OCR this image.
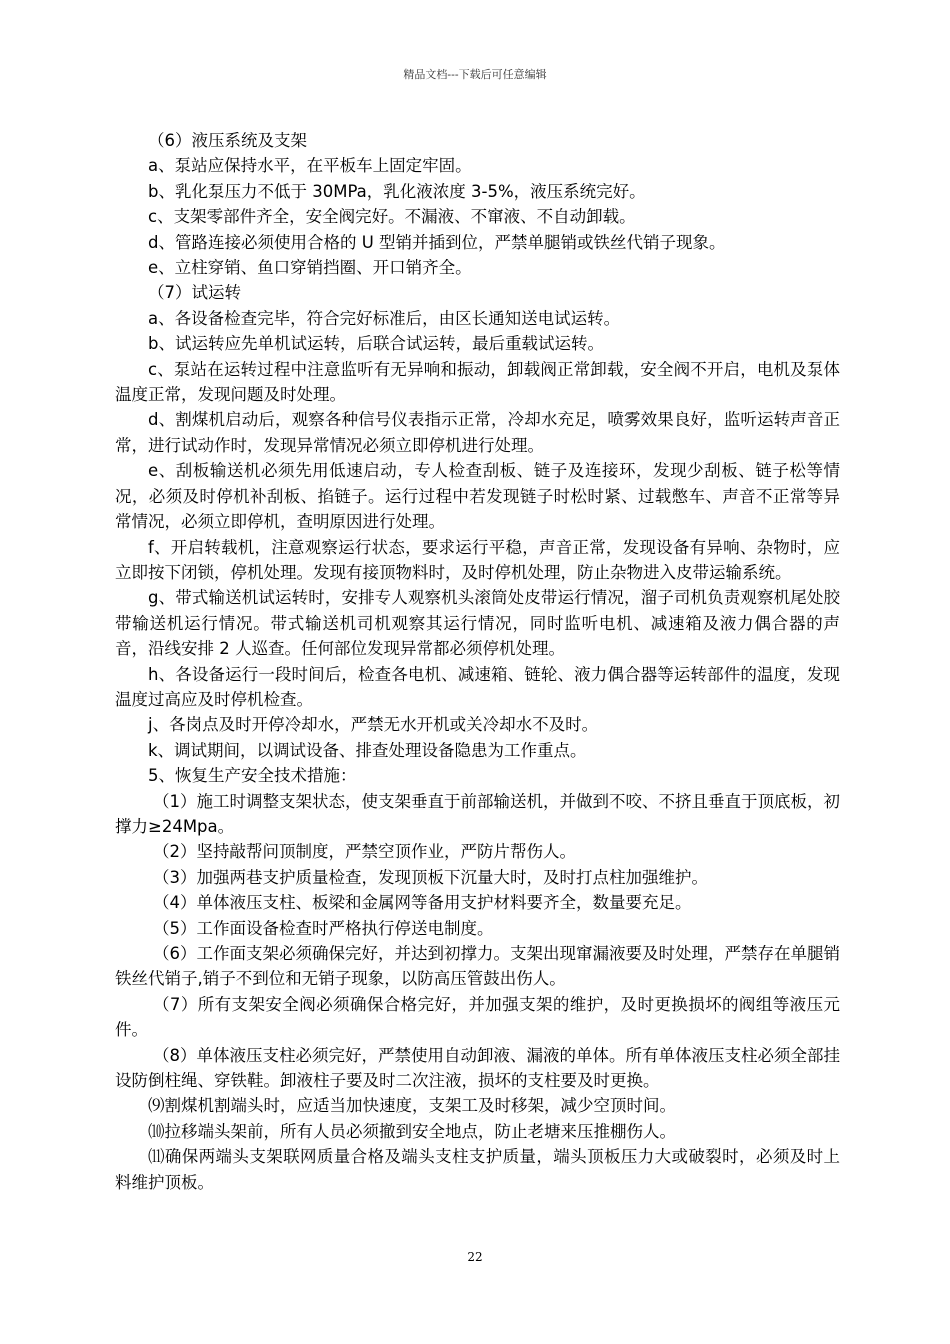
精品文档---下载后可任意编辑

（6）液压系统及支架

a、泵站应保持水平，在平板车上固定牢固。

b、乳化泵压力不低于 30MPa，乳化液浓度 3-5%，液压系统完好。

c、支架零部件齐全，安全阀完好。不漏液、不窜液、不自动卸载。

d、管路连接必须使用合格的 U 型销并插到位，严禁单腿销或铁丝代销子现象。

e、立柱穿销、鱼口穿销挡圈、开口销齐全。

（7）试运转

a、各设备检查完毕，符合完好标准后，由区长通知送电试运转。

b、试运转应先单机试运转，后联合试运转，最后重载试运转。

c、泵站在运转过程中注意监听有无异响和振动，卸载阀正常卸载，安全阀不开启，电机及泵体温度正常，发现问题及时处理。

d、割煤机启动后，观察各种信号仪表指示正常，冷却水充足，喷雾效果良好，监听运转声音正常，进行试动作时，发现异常情况必须立即停机进行处理。

e、刮板输送机必须先用低速启动，专人检查刮板、链子及连接环，发现少刮板、链子松等情况，必须及时停机补刮板、掐链子。运行过程中若发现链子时松时紧、过载憋车、声音不正常等异常情况，必须立即停机，查明原因进行处理。

f、开启转载机，注意观察运行状态，要求运行平稳，声音正常，发现设备有异响、杂物时，应立即按下闭锁，停机处理。发现有接顶物料时，及时停机处理，防止杂物进入皮带运输系统。

g、带式输送机试运转时，安排专人观察机头滚筒处皮带运行情况，溜子司机负责观察机尾处胶带输送机运行情况。带式输送机司机观察其运行情况，同时监听电机、减速箱及液力偶合器的声音，沿线安排 2 人巡查。任何部位发现异常都必须停机处理。

h、各设备运行一段时间后，检查各电机、减速箱、链轮、液力偶合器等运转部件的温度，发现温度过高应及时停机检查。

j、各岗点及时开停冷却水，严禁无水开机或关冷却水不及时。

k、调试期间，以调试设备、排查处理设备隐患为工作重点。

5、恢复生产安全技术措施：

（1）施工时调整支架状态，使支架垂直于前部输送机，并做到不咬、不挤且垂直于顶底板，初撑力≥24Mpa。

（2）坚持敲帮问顶制度，严禁空顶作业，严防片帮伤人。

（3）加强两巷支护质量检查，发现顶板下沉量大时，及时打点柱加强维护。

（4）单体液压支柱、板梁和金属网等备用支护材料要齐全，数量要充足。

（5）工作面设备检查时严格执行停送电制度。

（6）工作面支架必须确保完好，并达到初撑力。支架出现窜漏液要及时处理，严禁存在单腿销铁丝代销子,销子不到位和无销子现象，以防高压管鼓出伤人。

（7）所有支架安全阀必须确保合格完好，并加强支架的维护，及时更换损坏的阀组等液压元件。

（8）单体液压支柱必须完好，严禁使用自动卸液、漏液的单体。所有单体液压支柱必须全部挂设防倒柱绳、穿铁鞋。卸液柱子要及时二次注液，损坏的支柱要及时更换。

⑼割煤机割端头时，应适当加快速度，支架工及时移架，减少空顶时间。

⑽拉移端头架前，所有人员必须撤到安全地点，防止老塘来压推棚伤人。

⑾确保两端头支架联网质量合格及端头支柱支护质量，端头顶板压力大或破裂时，必须及时上料维护顶板。

22
